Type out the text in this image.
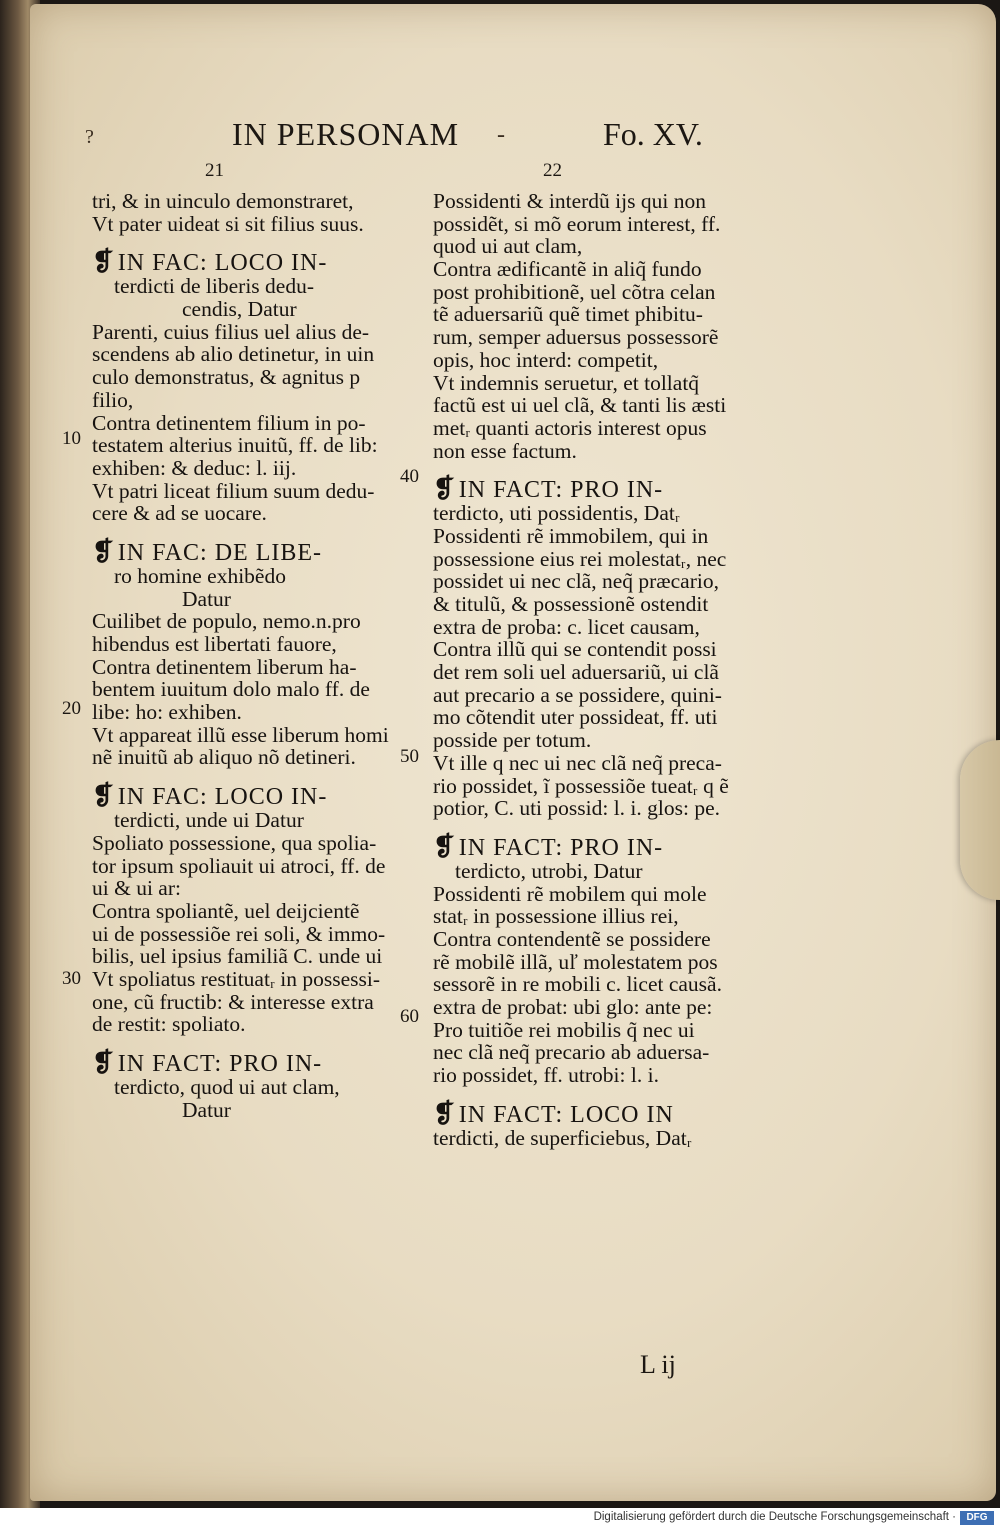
?	IN PERSONAM -	Fo. XV.
21	22
tri, & in uinculo demonstraret,
Vt pater uideat si sit filius suus.
❡ IN FAC: LOCO IN-
terdicti de liberis dedu-
cendis, Datur
Parenti, cuius filius uel alius de-
scendens ab alio detinetur, in uin
culo demonstratus, & agnitus p
filio,
Contra detinentem filium in po-
testatem alterius inuitũ, ff. de lib:
exhiben: & deduc: l. iij.
Vt patri liceat filium suum dedu-
cere & ad se uocare.
❡ IN FAC: DE LIBE-
ro homine exhibẽdo
Datur
Cuilibet de populo, nemo.n.pro
hibendus est libertati fauore,
Contra detinentem liberum ha-
bentem iuuitum dolo malo ff. de
libe: ho: exhiben.
Vt appareat illũ esse liberum homi
nẽ inuitũ ab aliquo nõ detineri.
❡ IN FAC: LOCO IN-
terdicti, unde ui Datur
Spoliato possessione, qua spolia-
tor ipsum spoliauit ui atroci, ff. de
ui & ui ar:
Contra spoliantẽ, uel deijcientẽ
ui de possessiõe rei soli, & immo-
bilis, uel ipsius familiã C. unde ui
Vt spoliatus restituatᵣ in possessi-
one, cũ fructib: & interesse extra
de restit: spoliato.
❡ IN FACT: PRO IN-
terdicto, quod ui aut clam,
Datur
Possidenti & interdũ ijs qui non
possidẽt, si mõ eorum interest, ff.
quod ui aut clam,
Contra ædificantẽ in aliq̃ fundo
post prohibitionẽ, uel cõtra celan
tẽ aduersariũ quẽ timet phibitu-
rum, semper aduersus possessorẽ
opis, hoc interd: competit,
Vt indemnis seruetur, et tollatq̃
factũ est ui uel clã, & tanti lis æsti
metᵣ quanti actoris interest opus
non esse factum.
❡ IN FACT: PRO IN-
terdicto, uti possidentis, Datᵣ
Possidenti rẽ immobilem, qui in
possessione eius rei molestatᵣ, nec
possidet ui nec clã, neq̃ præcario,
& titulũ, & possessionẽ ostendit
extra de proba: c. licet causam,
Contra illũ qui se contendit possi
det rem soli uel aduersariũ, ui clã
aut precario a se possidere, quini-
mo cõtendit uter possideat, ff. uti
posside per totum.
Vt ille q nec ui nec clã neq̃ preca-
rio possidet, ĩ possessiõe tueatᵣ q ẽ
potior, C. uti possid: l. i. glos: pe.
❡ IN FACT: PRO IN-
terdicto, utrobi, Datur
Possidenti rẽ mobilem qui mole
statᵣ in possessione illius rei,
Contra contendentẽ se possidere
rẽ mobilẽ illã, uľ molestatem pos
sessorẽ in re mobili c. licet causã.
extra de probat: ubi glo: ante pe:
Pro tuitiõe rei mobilis q̃ nec ui
nec clã neq̃ precario ab aduersa-
rio possidet, ff. utrobi: l. i.
❡ IN FACT: LOCO IN
terdicti, de superficiebus, Datᵣ
10
20
30
40
50
60
L ij
Digitalisierung gefördert durch die Deutsche Forschungsgemeinschaft ·	DFG
